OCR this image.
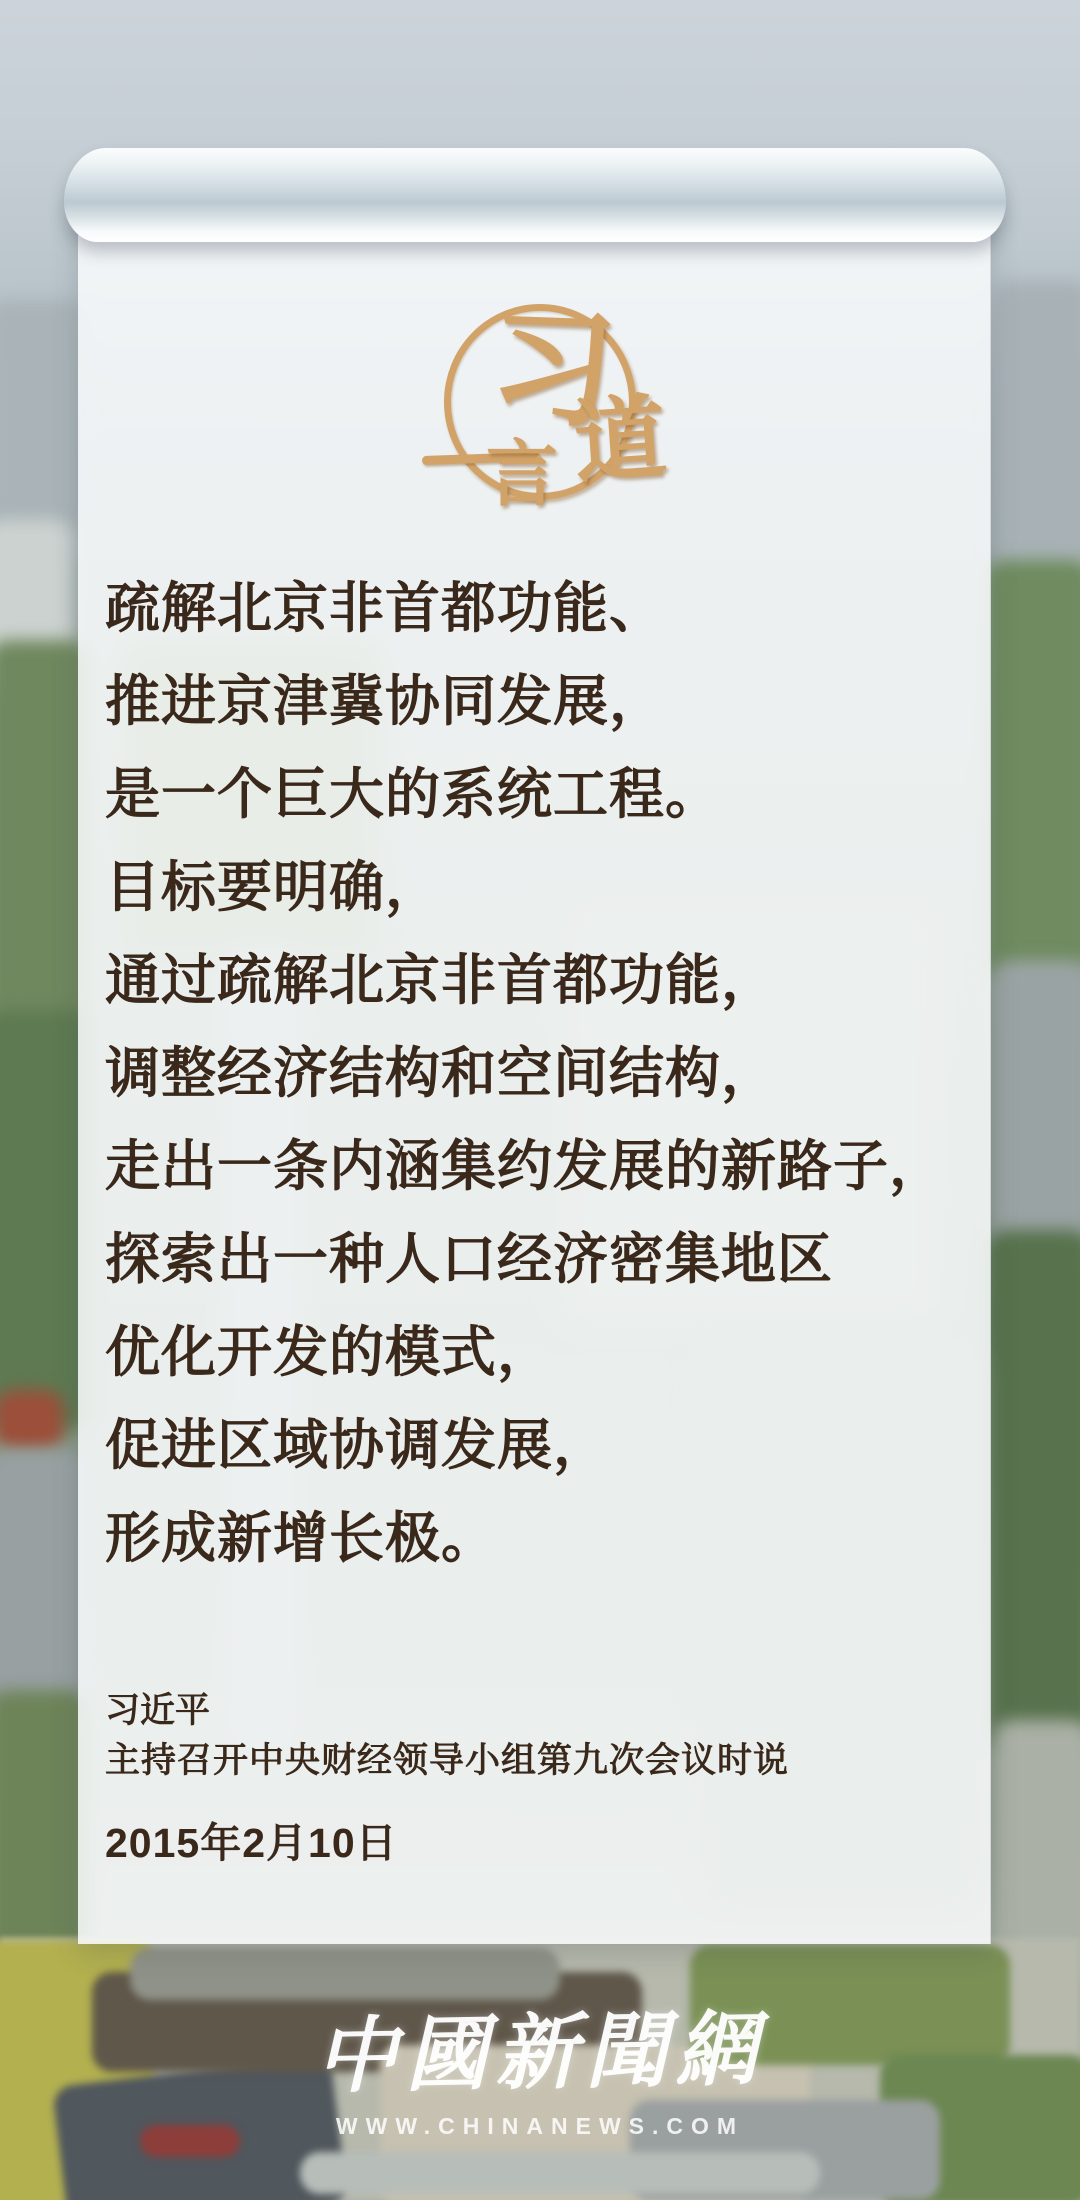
习
言 道
疏解北京非首都功能、
推进京津冀协同发展，
是一个巨大的系统工程。
目标要明确，
通过疏解北京非首都功能，
调整经济结构和空间结构，
走出一条内涵集约发展的新路子，
探索出一种人口经济密集地区
优化开发的模式，
促进区域协调发展，
形成新增长极。
习近平
主持召开中央财经领导小组第九次会议时说
2015年2月10日
中國新聞網
WWW.CHINANEWS.COM
